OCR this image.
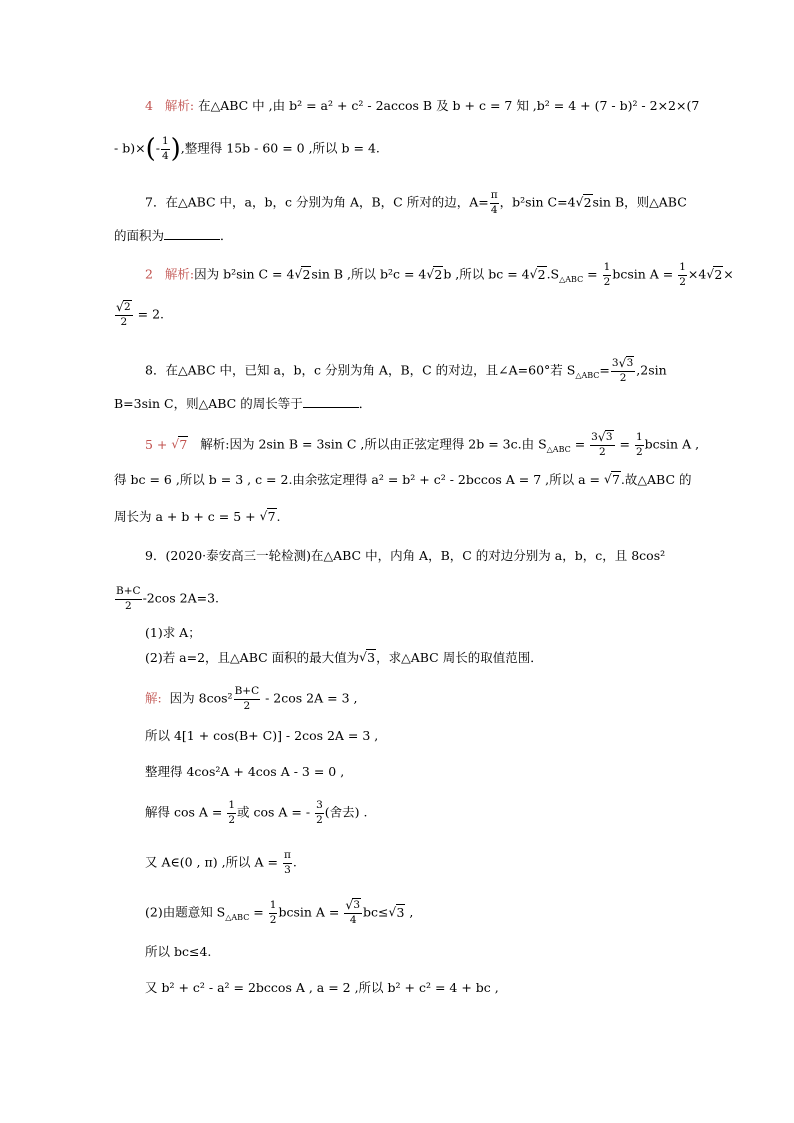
4 解析: 在△ABC 中 ,由 b² = a² + c² - 2accos B 及 b + c = 7 知 ,b² = 4 + (7 - b)² - 2×2×(7
- $b)\times(- \frac{1}{4}$ ),整理得 15b - 60 = 0 ,所以 b = 4.
7．在△ABC 中，a，b，c 分别为角 A，B，C 所对的边，$A= \frac{\pi}{4}$ ，b²sin C=4√ 2sin B，则△ABC
的面积为	．
2 解析:因为 b²sin C = 4√ 2sin B ,所以 b²c = 4√ 2b ,所以 bc = 4√ $2.S_{\triangle ABC} = \frac{1}{2}$ bcsin $A = \frac{1}{2} \times 4√$ 2×
√ $\frac{2}{2} = 2$.
8．在△ABC 中，已知 a，b，c 分别为角 A，B，C 的对边，且∠A=60°若 $S_{\triangle ABC}= \frac{3√ 3}{2} ,2\sin$
B=3sin C，则△ABC 的周长等于	．
5 + √ 7 解析:因为 2sin B = 3sin C ,所以由正弦定理得 2b = 3c.由 $S_{\triangle ABC} = \frac{3√ 3}{2} = \frac{1}{2}$ bcsin A ,
得 bc = 6 ,所以 b = 3 , c = 2.由余弦定理得 a² = b² + c² - 2bccos A = 7 ,所以 a = √ 7.故△ABC 的
周长为 a + b + c = 5 + √ 7.
9．(2020·泰安高三一轮检测)在△ABC 中，内角 A，B，C 的对边分别为 a，b，c，且 8cos²
$\frac{B+C}{2} -2\cos$ 2A=3.
(1)求 A；
(2)若 a=2，且△ABC 面积的最大值为√ 3，求△ABC 周长的取值范围．
解: 因为 $8\cos^2 \frac{B+C}{2} - 2\cos$ 2A = 3 ,
所以 4[1 + cos(B+ C)] - 2cos 2A = 3 ,
整理得 4cos²A + 4cos A - 3 = 0 ,
解得 $\cos A = \frac{1}{2}$ 或 cos A = - $\frac{3}{2}$ (舍去) .
又 A∈(0 , π) ,所以 $A = \frac{\pi}{3}$ .
(2)由题意知 $S_{\triangle ABC} = \frac{1}{2}$ bcsin A =
√ $\frac{3}{4} bc\le√$ 3 ,
所以 bc≤4.
又 b² + c² - a² = 2bccos A , a = 2 ,所以 b² + c² = 4 + bc ,
